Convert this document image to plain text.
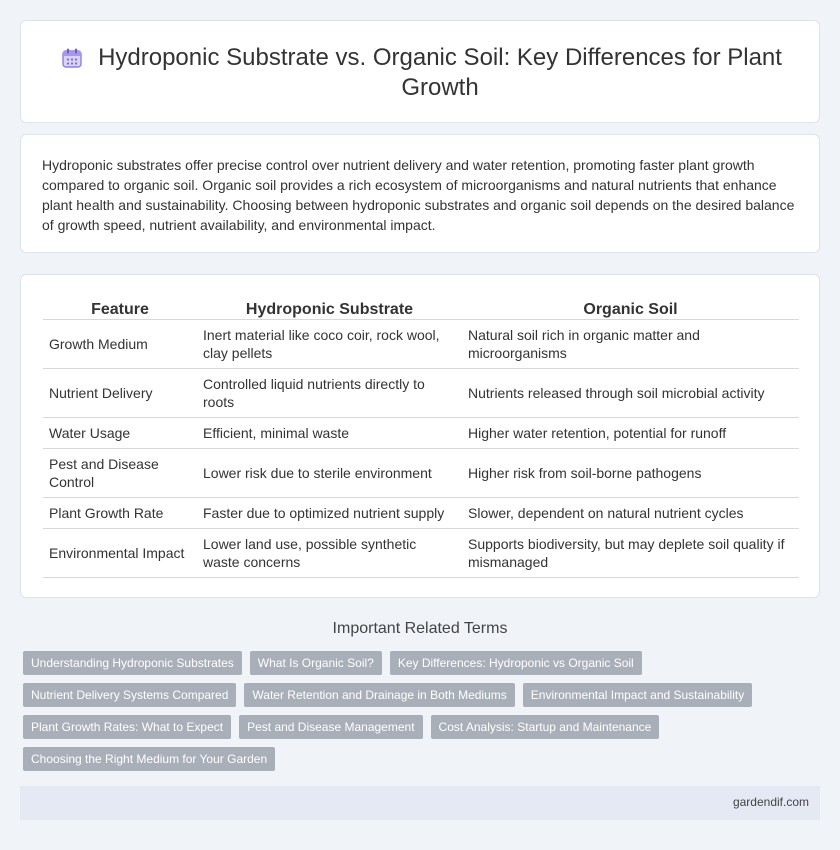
Hydroponic Substrate vs. Organic Soil: Key Differences for Plant Growth

Hydroponic substrates offer precise control over nutrient delivery and water retention, promoting faster plant growth compared to organic soil. Organic soil provides a rich ecosystem of microorganisms and natural nutrients that enhance plant health and sustainability. Choosing between hydroponic substrates and organic soil depends on the desired balance of growth speed, nutrient availability, and environmental impact.

Feature	Hydroponic Substrate	Organic Soil
Growth Medium	Inert material like coco coir, rock wool, clay pellets	Natural soil rich in organic matter and microorganisms
Nutrient Delivery	Controlled liquid nutrients directly to roots	Nutrients released through soil microbial activity
Water Usage	Efficient, minimal waste	Higher water retention, potential for runoff
Pest and Disease Control	Lower risk due to sterile environment	Higher risk from soil-borne pathogens
Plant Growth Rate	Faster due to optimized nutrient supply	Slower, dependent on natural nutrient cycles
Environmental Impact	Lower land use, possible synthetic waste concerns	Supports biodiversity, but may deplete soil quality if mismanaged
Important Related Terms
Understanding Hydroponic Substrates	What Is Organic Soil?	Key Differences: Hydroponic vs Organic Soil
Nutrient Delivery Systems Compared	Water Retention and Drainage in Both Mediums	Environmental Impact and Sustainability
Plant Growth Rates: What to Expect	Pest and Disease Management	Cost Analysis: Startup and Maintenance
Choosing the Right Medium for Your Garden
gardendif.com
